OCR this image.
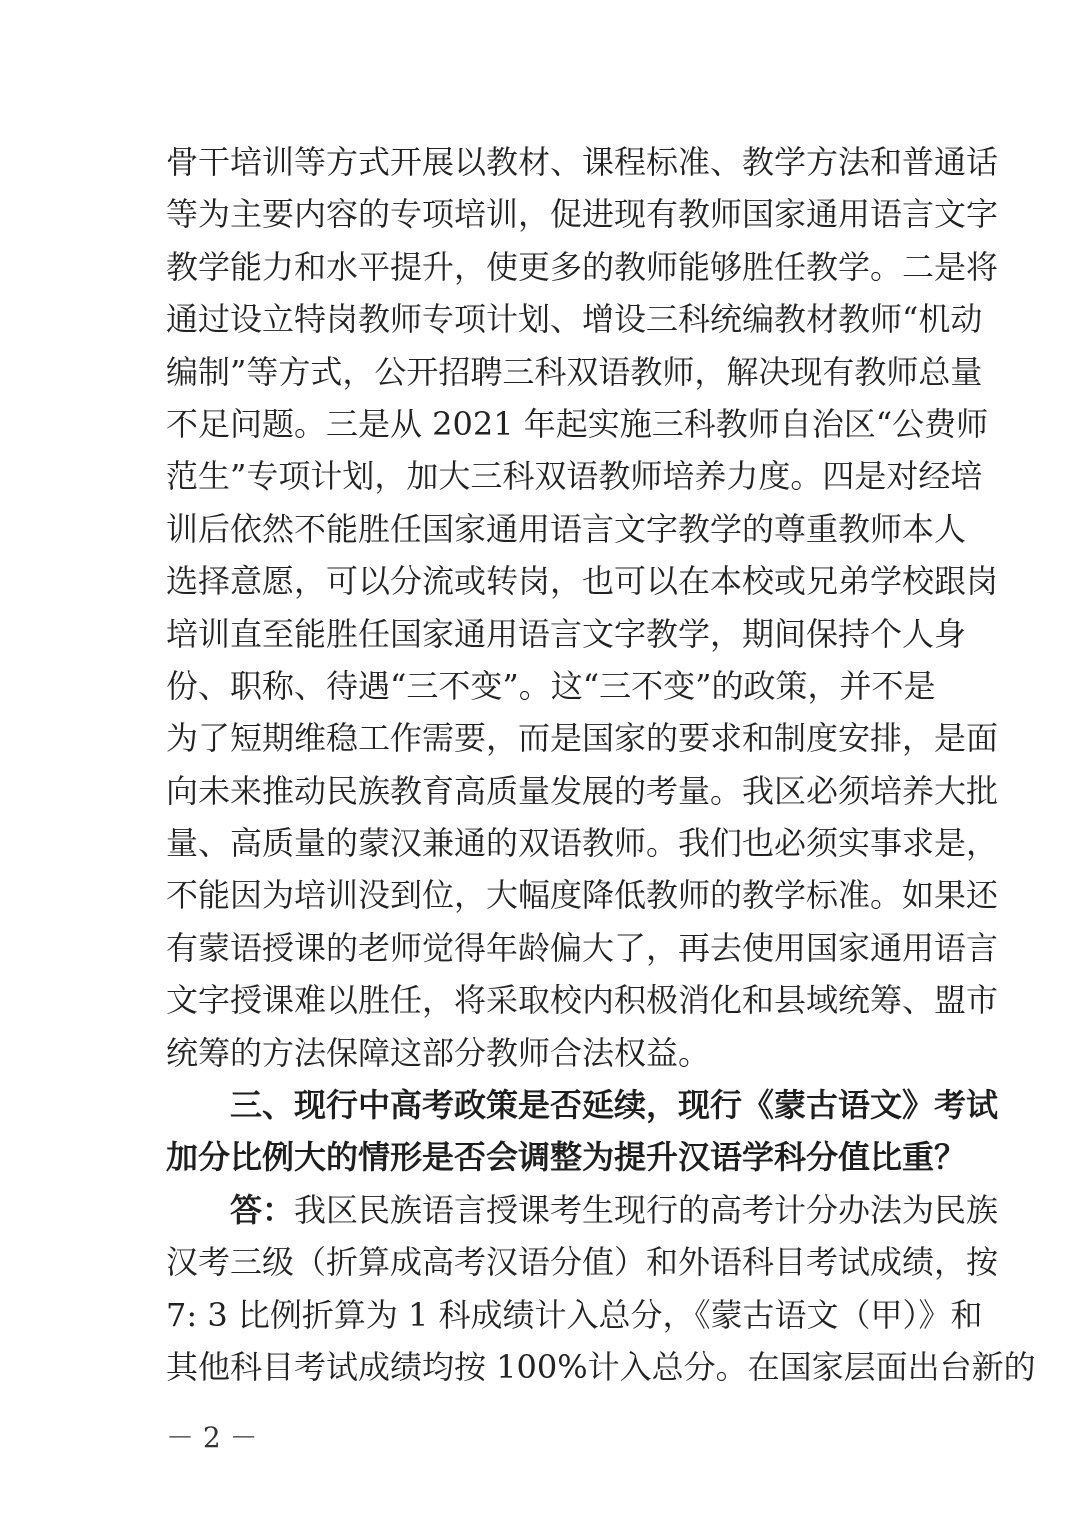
骨干培训等方式开展以教材、课程标准、教学方法和普通话
等为主要内容的专项培训，促进现有教师国家通用语言文字
教学能力和水平提升，使更多的教师能够胜任教学。二是将
通过设立特岗教师专项计划、增设三科统编教材教师“机动
编制”等方式，公开招聘三科双语教师，解决现有教师总量
不足问题。三是从 2021 年起实施三科教师自治区“公费师
范生”专项计划，加大三科双语教师培养力度。四是对经培
训后依然不能胜任国家通用语言文字教学的尊重教师本人
选择意愿，可以分流或转岗，也可以在本校或兄弟学校跟岗
培训直至能胜任国家通用语言文字教学，期间保持个人身
份、职称、待遇“三不变”。这“三不变”的政策，并不是
为了短期维稳工作需要，而是国家的要求和制度安排，是面
向未来推动民族教育高质量发展的考量。我区必须培养大批
量、高质量的蒙汉兼通的双语教师。我们也必须实事求是，
不能因为培训没到位，大幅度降低教师的教学标准。如果还
有蒙语授课的老师觉得年龄偏大了，再去使用国家通用语言
文字授课难以胜任，将采取校内积极消化和县域统筹、盟市
统筹的方法保障这部分教师合法权益。
三、现行中高考政策是否延续，现行《蒙古语文》考试
加分比例大的情形是否会调整为提升汉语学科分值比重？
答：我区民族语言授课考生现行的高考计分办法为民族
汉考三级（折算成高考汉语分值）和外语科目考试成绩，按
7: 3 比例折算为 1 科成绩计入总分，《蒙古语文（甲）》和
其他科目考试成绩均按 100%计入总分。在国家层面出台新的
－ 2 －
